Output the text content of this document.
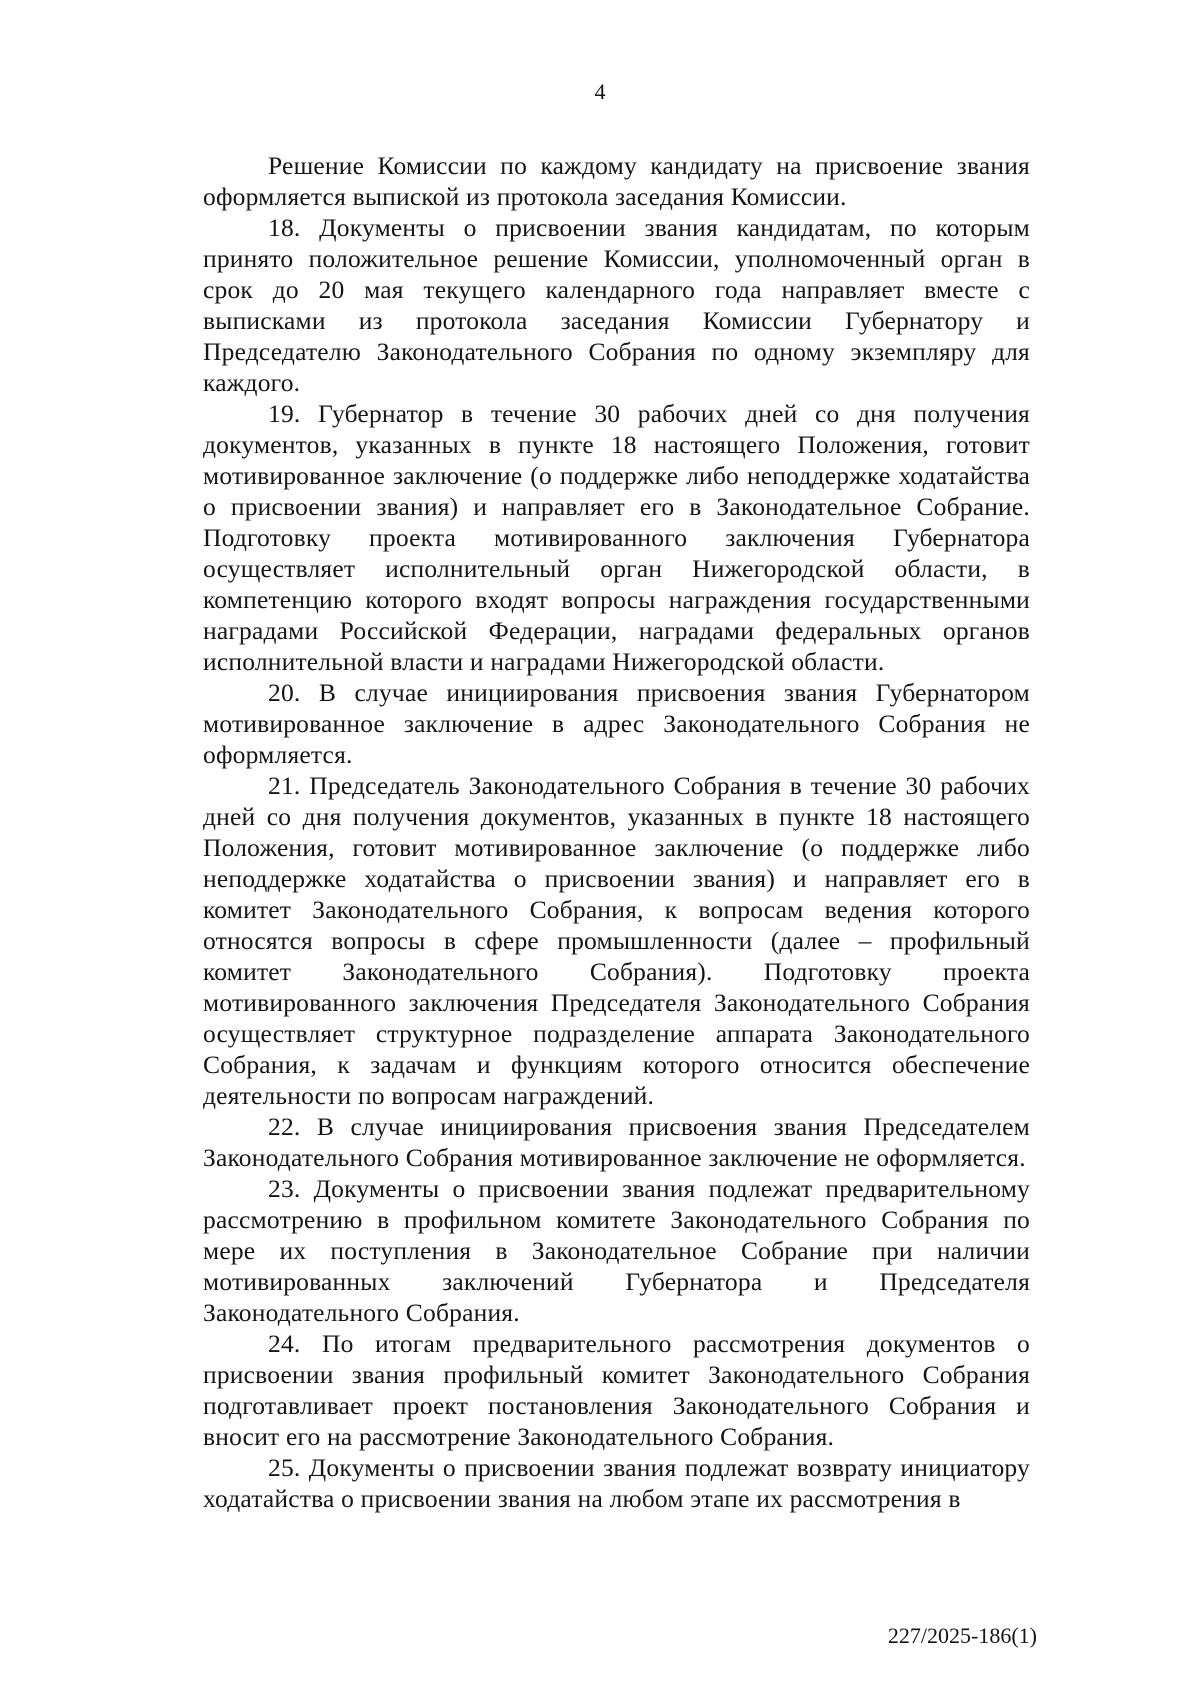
4

Решение Комиссии по каждому кандидату на присвоение звания оформляется выпиской из протокола заседания Комиссии.

18. Документы о присвоении звания кандидатам, по которым принято положительное решение Комиссии, уполномоченный орган в срок до 20 мая текущего календарного года направляет вместе с выписками из протокола заседания Комиссии Губернатору и Председателю Законодательного Собрания по одному экземпляру для каждого.

19. Губернатор в течение 30 рабочих дней со дня получения документов, указанных в пункте 18 настоящего Положения, готовит мотивированное заключение (о поддержке либо неподдержке ходатайства о присвоении звания) и направляет его в Законодательное Собрание. Подготовку проекта мотивированного заключения Губернатора осуществляет исполнительный орган Нижегородской области, в компетенцию которого входят вопросы награждения государственными наградами Российской Федерации, наградами федеральных органов исполнительной власти и наградами Нижегородской области.

20. В случае инициирования присвоения звания Губернатором мотивированное заключение в адрес Законодательного Собрания не оформляется.

21. Председатель Законодательного Собрания в течение 30 рабочих дней со дня получения документов, указанных в пункте 18 настоящего Положения, готовит мотивированное заключение (о поддержке либо неподдержке ходатайства о присвоении звания) и направляет его в комитет Законодательного Собрания, к вопросам ведения которого относятся вопросы в сфере промышленности (далее – профильный комитет Законодательного Собрания). Подготовку проекта мотивированного заключения Председателя Законодательного Собрания осуществляет структурное подразделение аппарата Законодательного Собрания, к задачам и функциям которого относится обеспечение деятельности по вопросам награждений.

22. В случае инициирования присвоения звания Председателем Законодательного Собрания мотивированное заключение не оформляется.

23. Документы о присвоении звания подлежат предварительному рассмотрению в профильном комитете Законодательного Собрания по мере их поступления в Законодательное Собрание при наличии мотивированных заключений Губернатора и Председателя Законодательного Собрания.

24. По итогам предварительного рассмотрения документов о присвоении звания профильный комитет Законодательного Собрания подготавливает проект постановления Законодательного Собрания и вносит его на рассмотрение Законодательного Собрания.

25. Документы о присвоении звания подлежат возврату инициатору ходатайства о присвоении звания на любом этапе их рассмотрения в

227/2025-186(1)
